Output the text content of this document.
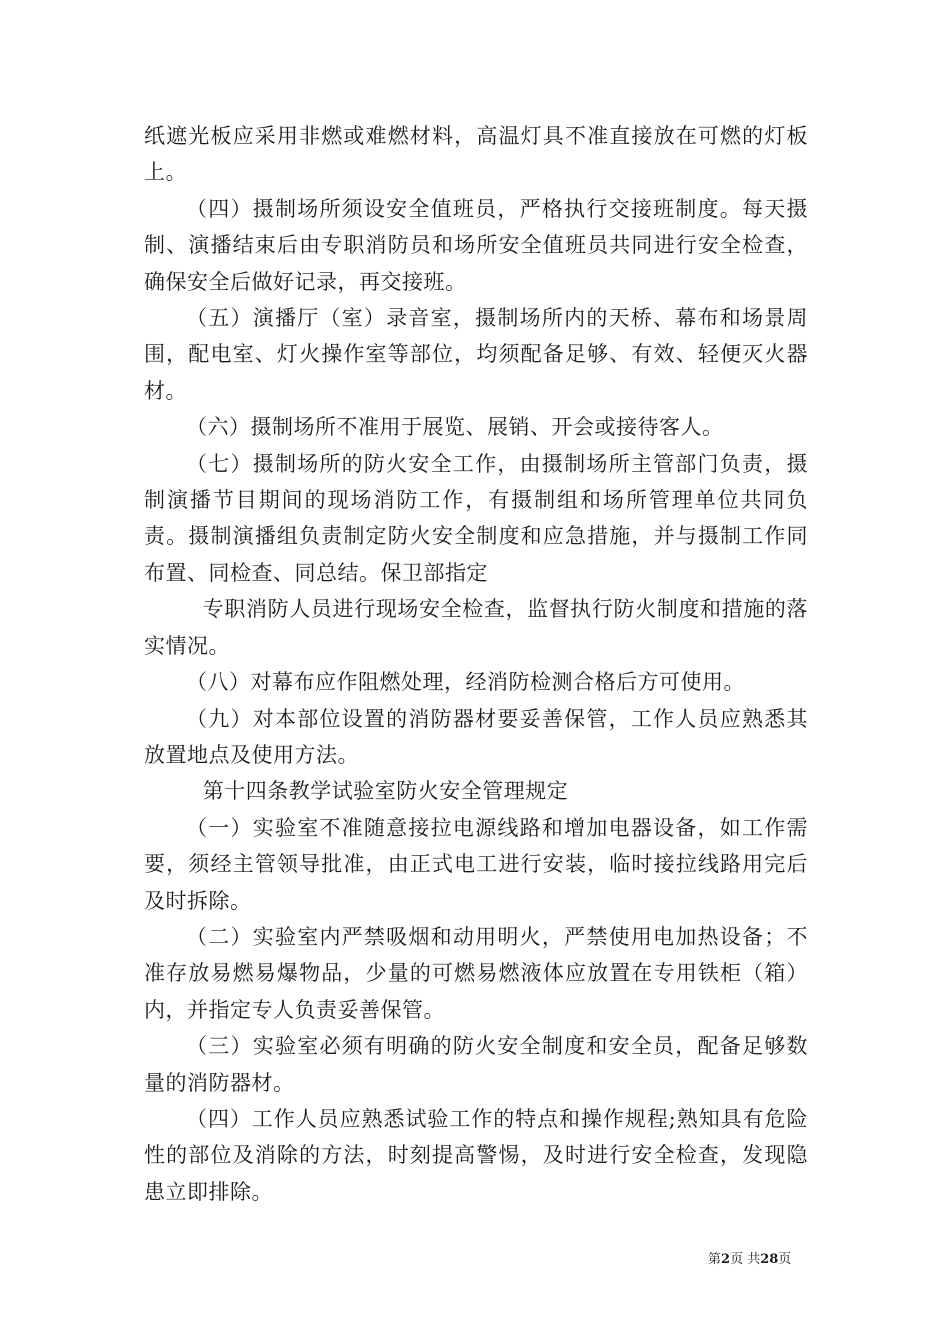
纸遮光板应采用非燃或难燃材料，高温灯具不准直接放在可燃的灯板上。

（四）摄制场所须设安全值班员，严格执行交接班制度。每天摄制、演播结束后由专职消防员和场所安全值班员共同进行安全检查，确保安全后做好记录，再交接班。

（五）演播厅（室）录音室，摄制场所内的天桥、幕布和场景周围，配电室、灯火操作室等部位，均须配备足够、有效、轻便灭火器材。

（六）摄制场所不准用于展览、展销、开会或接待客人。

（七）摄制场所的防火安全工作，由摄制场所主管部门负责，摄制演播节目期间的现场消防工作，有摄制组和场所管理单位共同负责。摄制演播组负责制定防火安全制度和应急措施，并与摄制工作同布置、同检查、同总结。保卫部指定

专职消防人员进行现场安全检查，监督执行防火制度和措施的落实情况。

（八）对幕布应作阻燃处理，经消防检测合格后方可使用。

（九）对本部位设置的消防器材要妥善保管，工作人员应熟悉其放置地点及使用方法。

第十四条教学试验室防火安全管理规定

（一）实验室不准随意接拉电源线路和增加电器设备，如工作需要，须经主管领导批准，由正式电工进行安装，临时接拉线路用完后及时拆除。

（二）实验室内严禁吸烟和动用明火，严禁使用电加热设备；不准存放易燃易爆物品，少量的可燃易燃液体应放置在专用铁柜（箱）内，并指定专人负责妥善保管。

（三）实验室必须有明确的防火安全制度和安全员，配备足够数量的消防器材。

（四）工作人员应熟悉试验工作的特点和操作规程;熟知具有危险性的部位及消除的方法，时刻提高警惕，及时进行安全检查，发现隐患立即排除。

第2页 共28页
